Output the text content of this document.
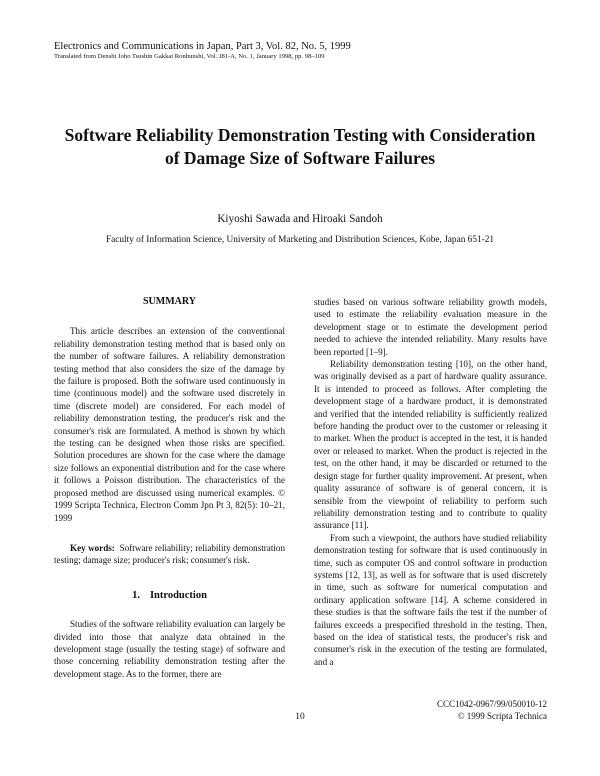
Electronics and Communications in Japan, Part 3, Vol. 82, No. 5, 1999
Translated from Denshi Joho Tsushin Gakkai Ronbunshi, Vol. J81-A, No. 1, January 1998, pp. 98–109
Software Reliability Demonstration Testing with Consideration
of Damage Size of Software Failures
Kiyoshi Sawada and Hiroaki Sandoh
Faculty of Information Science, University of Marketing and Distribution Sciences, Kobe, Japan 651-21
SUMMARY

This article describes an extension of the conventional reliability demonstration testing method that is based only on the number of software failures. A reliability demonstration testing method that also considers the size of the damage by the failure is proposed. Both the software used continuously in time (continuous model) and the software used discretely in time (discrete model) are considered. For each model of reliability demonstration testing, the producer's risk and the consumer's risk are formulated. A method is shown by which the testing can be designed when those risks are specified. Solution procedures are shown for the case where the damage size follows an exponential distribution and for the case where it follows a Poisson distribution. The characteristics of the proposed method are discussed using numerical examples. © 1999 Scripta Technica, Electron Comm Jpn Pt 3, 82(5): 10–21, 1999

Key words: Software reliability; reliability demonstration testing; damage size; producer's risk; consumer's risk.

1. Introduction

Studies of the software reliability evaluation can largely be divided into those that analyze data obtained in the development stage (usually the testing stage) of software and those concerning reliability demonstration testing after the development stage. As to the former, there are

studies based on various software reliability growth models, used to estimate the reliability evaluation measure in the development stage or to estimate the development period needed to achieve the intended reliability. Many results have been reported [1–9].

Reliability demonstration testing [10], on the other hand, was originally devised as a part of hardware quality assurance. It is intended to proceed as follows. After completing the development stage of a hardware product, it is demonstrated and verified that the intended reliability is sufficiently realized before handing the product over to the customer or releasing it to market. When the product is accepted in the test, it is handed over or released to market. When the product is rejected in the test, on the other hand, it may be discarded or returned to the design stage for further quality improvement. At present, when quality assurance of software is of general concern, it is sensible from the viewpoint of reliability to perform such reliability demonstration testing and to contribute to quality assurance [11].

From such a viewpoint, the authors have studied reliability demonstration testing for software that is used continuously in time, such as computer OS and control software in production systems [12, 13], as well as for software that is used discretely in time, such as software for numerical computation and ordinary application software [14]. A scheme considered in these studies is that the software fails the test if the number of failures exceeds a prespecified threshold in the testing. Then, based on the idea of statistical tests, the producer's risk and consumer's risk in the execution of the testing are formulated, and a

CCC1042-0967/99/050010-12
© 1999 Scripta Technica
10
